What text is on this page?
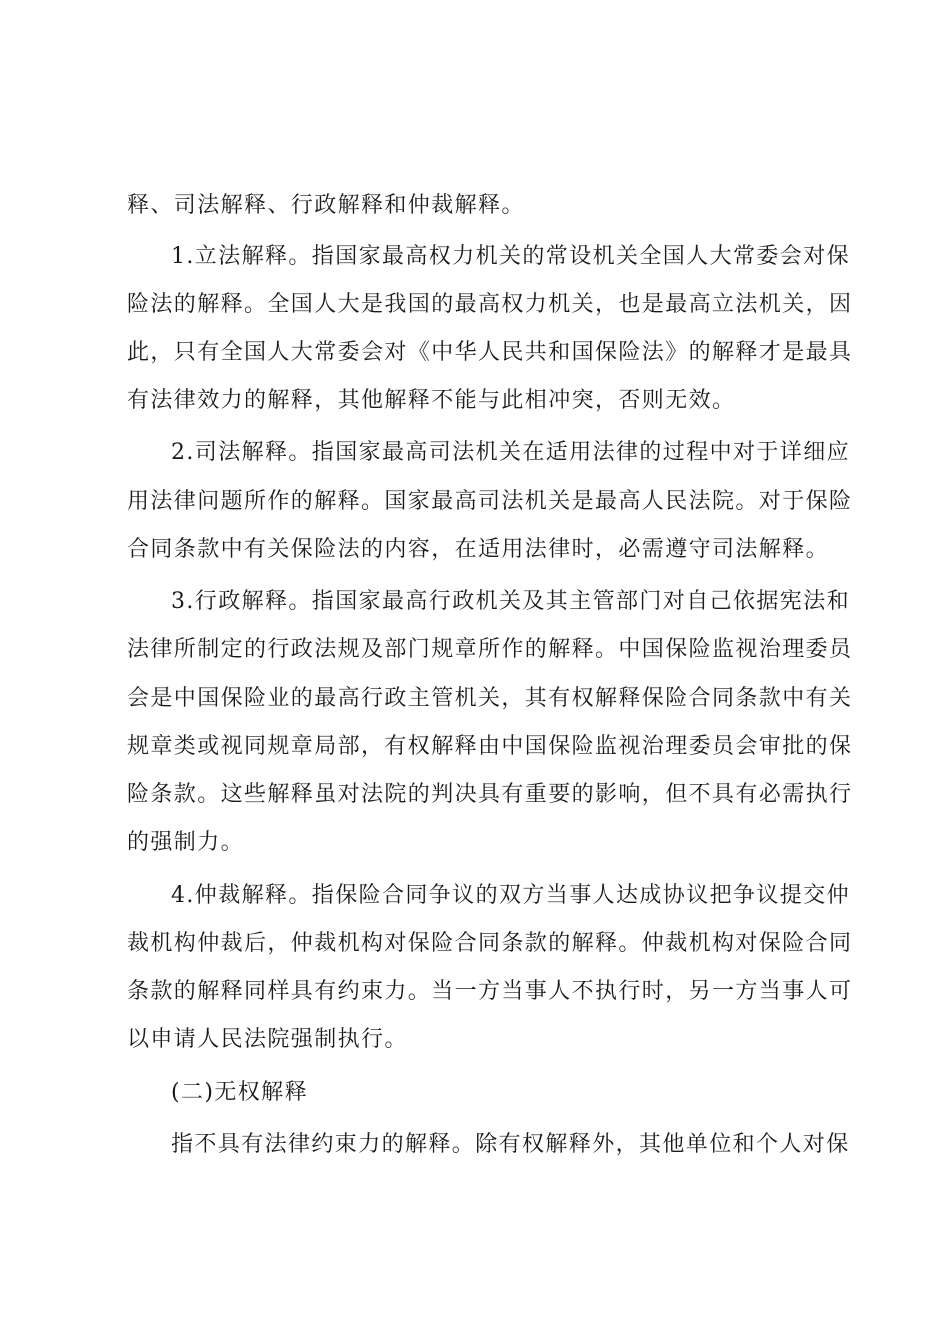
释、司法解释、行政解释和仲裁解释。
1.立法解释。指国家最高权力机关的常设机关全国人大常委会对保
险法的解释。全国人大是我国的最高权力机关，也是最高立法机关，因
此，只有全国人大常委会对《中华人民共和国保险法》的解释才是最具
有法律效力的解释，其他解释不能与此相冲突，否则无效。
2.司法解释。指国家最高司法机关在适用法律的过程中对于详细应
用法律问题所作的解释。国家最高司法机关是最高人民法院。对于保险
合同条款中有关保险法的内容，在适用法律时，必需遵守司法解释。
3.行政解释。指国家最高行政机关及其主管部门对自己依据宪法和
法律所制定的行政法规及部门规章所作的解释。中国保险监视治理委员
会是中国保险业的最高行政主管机关，其有权解释保险合同条款中有关
规章类或视同规章局部，有权解释由中国保险监视治理委员会审批的保
险条款。这些解释虽对法院的判决具有重要的影响，但不具有必需执行
的强制力。
4.仲裁解释。指保险合同争议的双方当事人达成协议把争议提交仲
裁机构仲裁后，仲裁机构对保险合同条款的解释。仲裁机构对保险合同
条款的解释同样具有约束力。当一方当事人不执行时，另一方当事人可
以申请人民法院强制执行。
(二)无权解释
指不具有法律约束力的解释。除有权解释外，其他单位和个人对保
